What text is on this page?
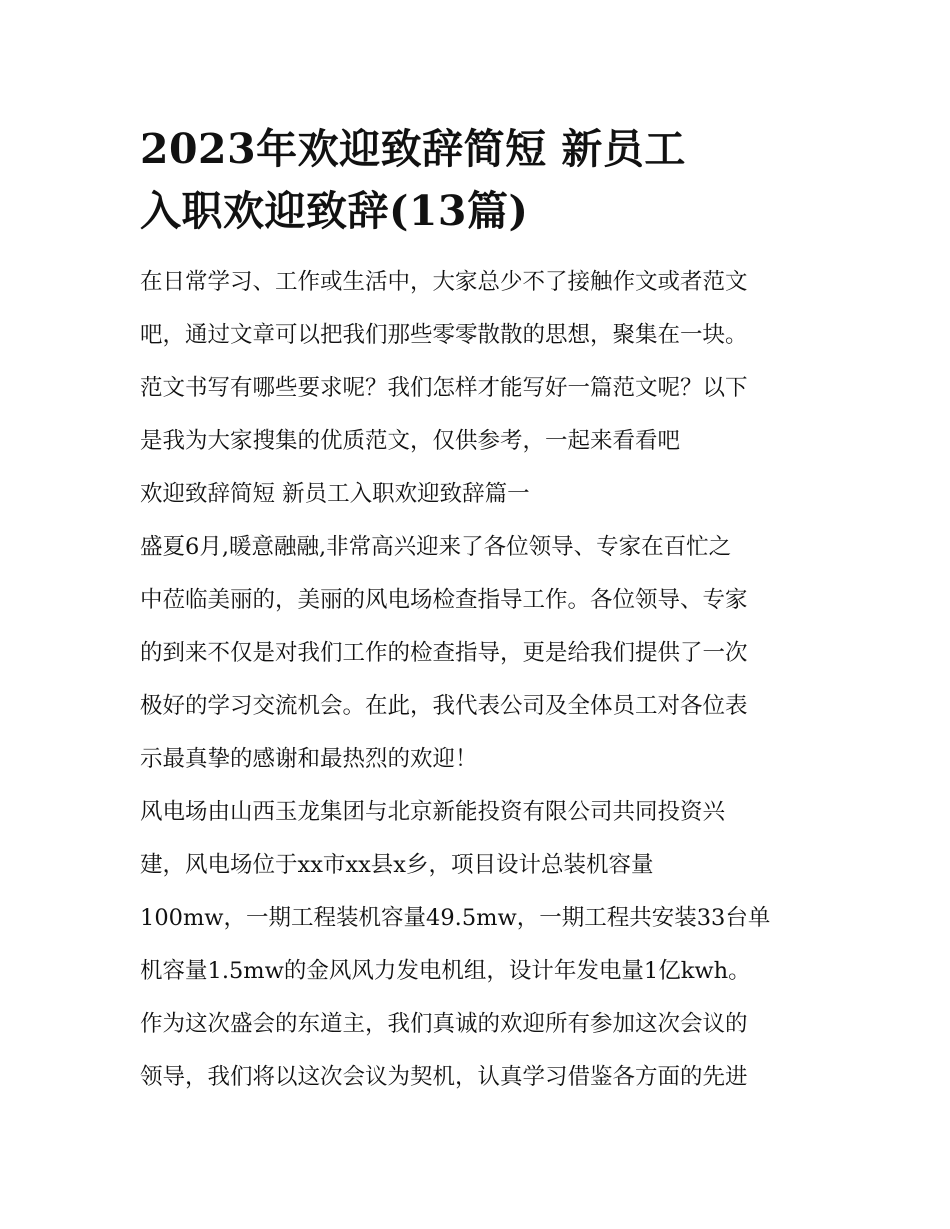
2023年欢迎致辞简短 新员工
入职欢迎致辞(13篇)
在日常学习、工作或生活中，大家总少不了接触作文或者范文
吧，通过文章可以把我们那些零零散散的思想，聚集在一块。
范文书写有哪些要求呢？我们怎样才能写好一篇范文呢？以下
是我为大家搜集的优质范文，仅供参考，一起来看看吧
欢迎致辞简短 新员工入职欢迎致辞篇一
盛夏6月,暖意融融,非常高兴迎来了各位领导、专家在百忙之
中莅临美丽的，美丽的风电场检查指导工作。各位领导、专家
的到来不仅是对我们工作的检查指导，更是给我们提供了一次
极好的学习交流机会。在此，我代表公司及全体员工对各位表
示最真挚的感谢和最热烈的欢迎！
风电场由山西玉龙集团与北京新能投资有限公司共同投资兴
建，风电场位于xx市xx县x乡，项目设计总装机容量
100mw，一期工程装机容量49.5mw，一期工程共安装33台单
机容量1.5mw的金风风力发电机组，设计年发电量1亿kwh。
作为这次盛会的东道主，我们真诚的欢迎所有参加这次会议的
领导，我们将以这次会议为契机，认真学习借鉴各方面的先进
